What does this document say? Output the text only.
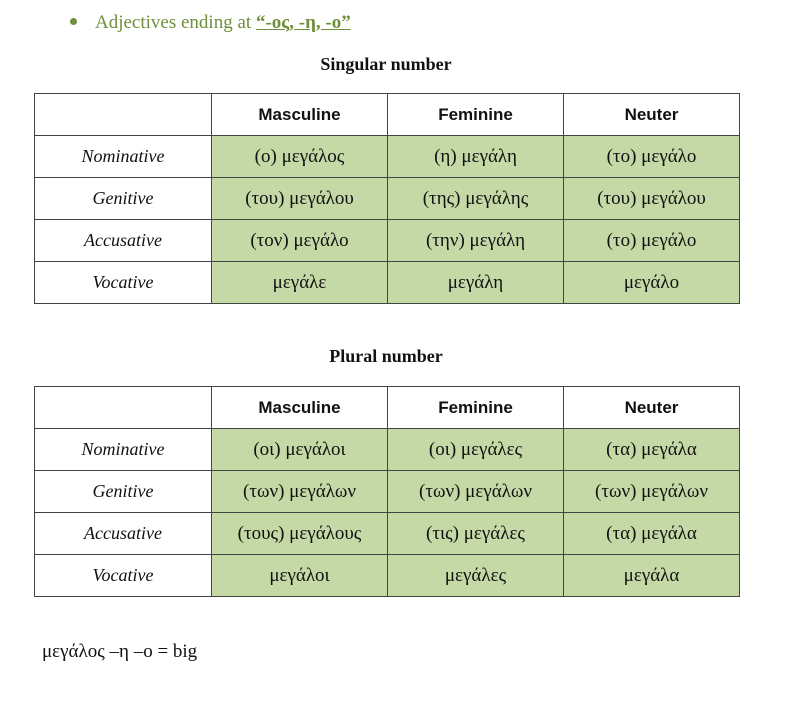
Adjectives ending at “-ος, -η, -ο”
Singular number
	Masculine	Feminine	Neuter
Nominative	(ο) μεγάλος	(η) μεγάλη	(το) μεγάλο
Genitive	(του) μεγάλου	(της) μεγάλης	(του) μεγάλου
Accusative	(τον) μεγάλο	(την) μεγάλη	(το) μεγάλο
Vocative	μεγάλε	μεγάλη	μεγάλο
Plural number
	Masculine	Feminine	Neuter
Nominative	(οι) μεγάλοι	(οι) μεγάλες	(τα) μεγάλα
Genitive	(των) μεγάλων	(των) μεγάλων	(των) μεγάλων
Accusative	(τους) μεγάλους	(τις) μεγάλες	(τα) μεγάλα
Vocative	μεγάλοι	μεγάλες	μεγάλα
μεγάλος –η –ο = big
